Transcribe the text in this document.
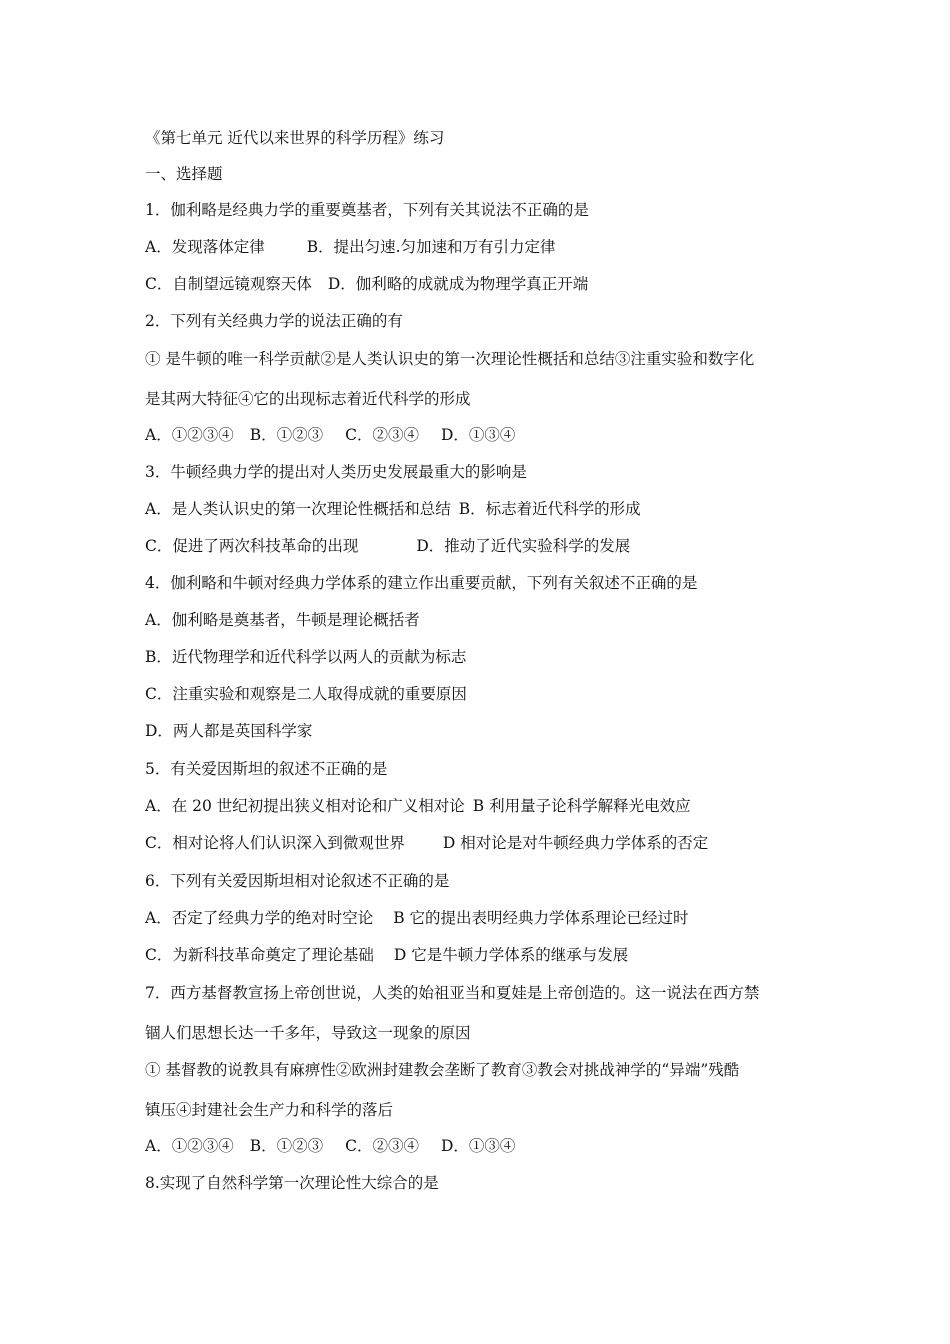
《第七单元 近代以来世界的科学历程》练习
一、选择题
1．伽利略是经典力学的重要奠基者，下列有关其说法不正确的是
A．发现落体定律	B．提出匀速.匀加速和万有引力定律
C．自制望远镜观察天体 D．伽利略的成就成为物理学真正开端
2．下列有关经典力学的说法正确的有
① 是牛顿的唯一科学贡献②是人类认识史的第一次理论性概括和总结③注重实验和数字化
是其两大特征④它的出现标志着近代科学的形成
A．①②③④ B．①②③ C．②③④ D．①③④
3．牛顿经典力学的提出对人类历史发展最重大的影响是
A．是人类认识史的第一次理论性概括和总结 B．标志着近代科学的形成
C．促进了两次科技革命的出现	D．推动了近代实验科学的发展
4．伽利略和牛顿对经典力学体系的建立作出重要贡献，下列有关叙述不正确的是
A．伽利略是奠基者，牛顿是理论概括者
B．近代物理学和近代科学以两人的贡献为标志
C．注重实验和观察是二人取得成就的重要原因
D．两人都是英国科学家
5．有关爱因斯坦的叙述不正确的是
A．在 20 世纪初提出狭义相对论和广义相对论 B 利用量子论科学解释光电效应
C．相对论将人们认识深入到微观世界 D 相对论是对牛顿经典力学体系的否定
6．下列有关爱因斯坦相对论叙述不正确的是
A．否定了经典力学的绝对时空论 B 它的提出表明经典力学体系理论已经过时
C．为新科技革命奠定了理论基础 D 它是牛顿力学体系的继承与发展
7．西方基督教宣扬上帝创世说，人类的始祖亚当和夏娃是上帝创造的。这一说法在西方禁
锢人们思想长达一千多年，导致这一现象的原因
① 基督教的说教具有麻痹性②欧洲封建教会垄断了教育③教会对挑战神学的“异端”残酷
镇压④封建社会生产力和科学的落后
A．①②③④ B．①②③ C．②③④ D．①③④
8.实现了自然科学第一次理论性大综合的是
